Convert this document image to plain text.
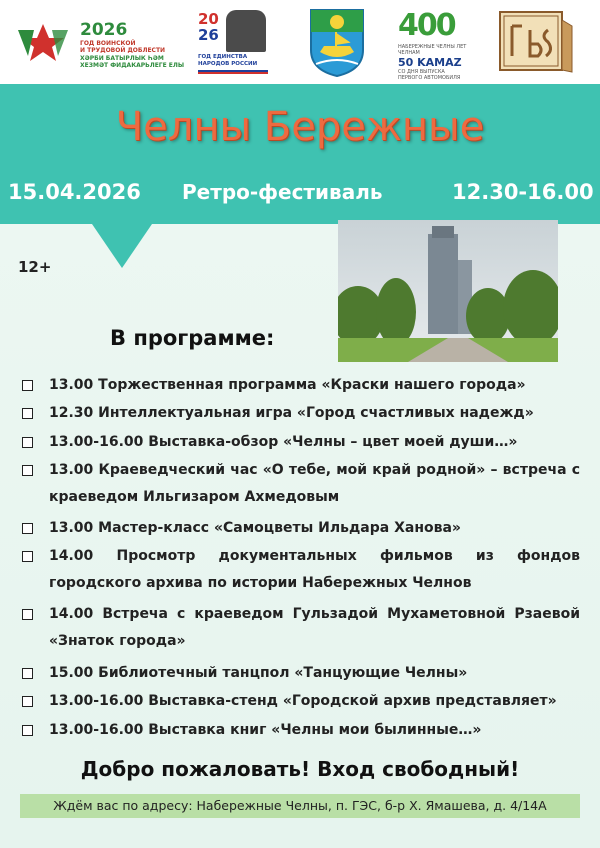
2026
ГОД ВОИНСКОЙ
И ТРУДОВОЙ ДОБЛЕСТИ
ХӘРБИ БАТЫРЛЫК ҺӘМ
ХЕЗМӘТ ФИДАКАРЬЛЕГЕ ЕЛЫ
20
26
ГОД ЕДИНСТВА
НАРОДОВ РОССИИ
400
НАБЕРЕЖНЫЕ ЧЕЛНЫ ЛЕТ ЧЕЛНАМ
50 KAMAZ
СО ДНЯ ВЫПУСКА ПЕРВОГО АВТОМОБИЛЯ
Челны Бережные
15.04.2026 Ретро-фестиваль	12.30-16.00
12+
В программе:
13.00 Торжественная программа «Краски нашего города»
12.30 Интеллектуальная игра «Город счастливых надежд»
13.00-16.00 Выставка-обзор «Челны – цвет моей души…»
13.00 Краеведческий час «О тебе, мой край родной» – встреча с краеведом Ильгизаром Ахмедовым
13.00 Мастер-класс «Самоцветы Ильдара Ханова»
14.00 Просмотр документальных фильмов из фондов городского архива по истории Набережных Челнов
14.00 Встреча с краеведом Гульзадой Мухаметовной Рзаевой «Знаток города»
15.00 Библиотечный танцпол «Танцующие Челны»
13.00-16.00 Выставка-стенд «Городской архив представляет»
13.00-16.00 Выставка книг «Челны мои былинные…»
Добро пожаловать! Вход свободный!
Ждём вас по адресу: Набережные Челны, п. ГЭС, б-р Х. Ямашева, д. 4/14А
